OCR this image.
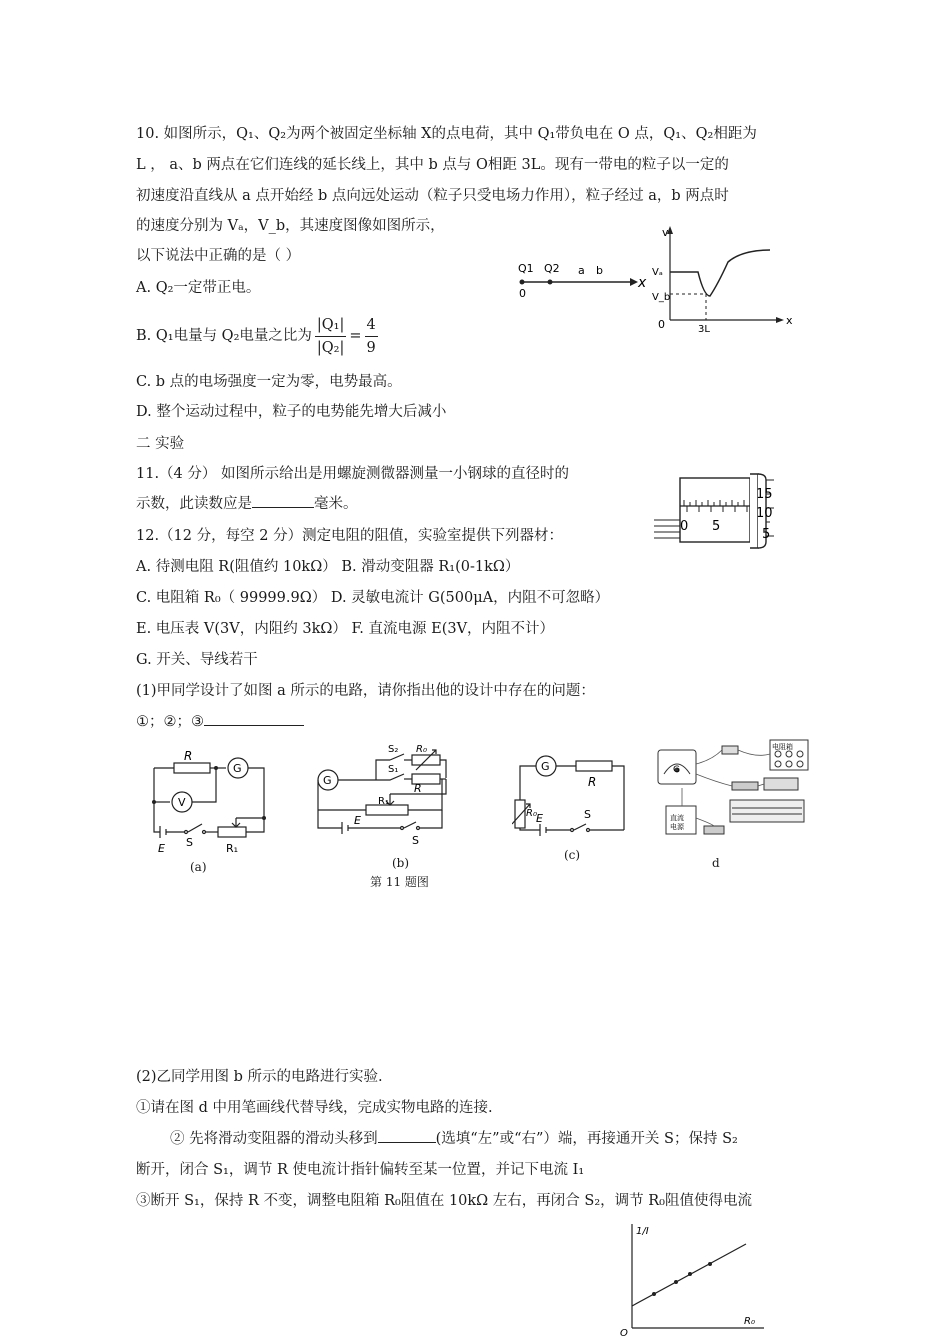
10. 如图所示，Q₁、Q₂为两个被固定坐标轴 X的点电荷，其中 Q₁带负电在 O 点，Q₁、Q₂相距为
L ， a、b 两点在它们连线的延长线上，其中 b 点与 O相距 3L。现有一带电的粒子以一定的
初速度沿直线从 a 点开始经 b 点向远处运动（粒子只受电场力作用），粒子经过 a，b 两点时
的速度分别为 Vₐ，V_b，其速度图像如图所示，
以下说法中正确的是（ ）
A. Q₂一定带正电。
B. Q₁电量与 Q₂电量之比为 $\frac{\text{|Q₁|}}{\text{|Q₂|}} = \frac{4}{9}$
C. b 点的电场强度一定为零，电势最高。
D. 整个运动过程中，粒子的电势能先增大后减小
Q1 Q2 a b
0
x
v
Vₐ
V_b
0	3L
x
二 实验
11.（4 分） 如图所示给出是用螺旋测微器测量一小钢球的直径时的
示数，此读数应是	毫米。
15
10
5
0 5
12.（12 分，每空 2 分）测定电阻的阻值，实验室提供下列器材：
A. 待测电阻 R(阻值约 10kΩ） B. 滑动变阻器 R₁(0-1kΩ）
C. 电阻箱 R₀（ 99999.9Ω） D. 灵敏电流计 G(500μA，内阻不可忽略）
E. 电压表 V(3V，内阻约 3kΩ） F. 直流电源 E(3V，内阻不计）
G. 开关、导线若干
(1)甲同学设计了如图 a 所示的电路，请你指出他的设计中存在的问题：
①；②；③
R
G
V
E S	R₁
(a)
G
S₂ R₀
S₁
R
R₁
E
S
(b)
第 11 题图
G
R
R₀ E	S
(c)
G
电阻箱
直流
电源
d
(2)乙同学用图 b 所示的电路进行实验.
①请在图 d 中用笔画线代替导线，完成实物电路的连接.
② 先将滑动变阻器的滑动头移到	(选填“左”或“右”）端，再接通开关 S；保持 S₂
断开，闭合 S₁，调节 R 使电流计指针偏转至某一位置，并记下电流 I₁
③断开 S₁，保持 R 不变，调整电阻箱 R₀阻值在 10kΩ 左右，再闭合 S₂，调节 R₀阻值使得电流
1/I
R₀
O
